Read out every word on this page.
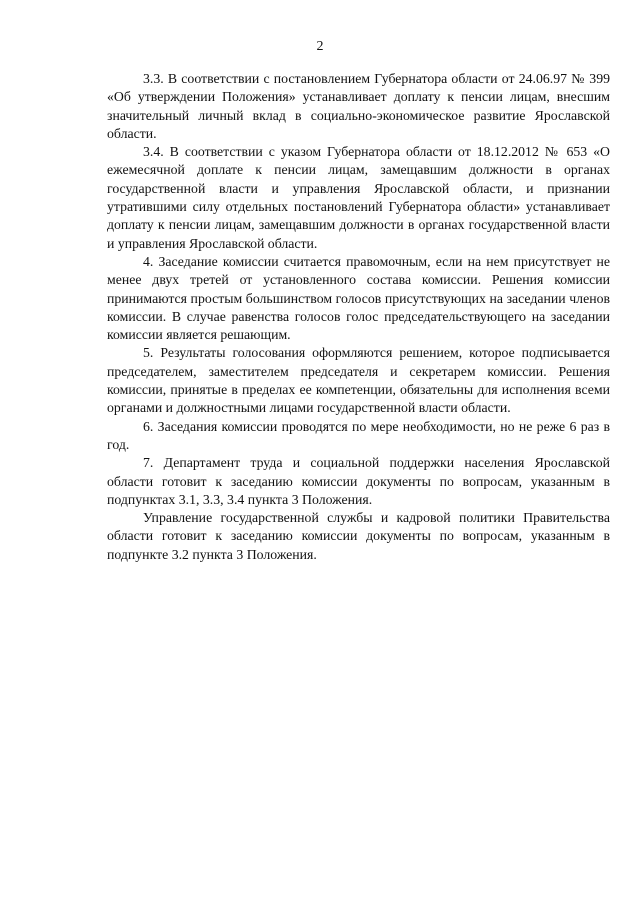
2

3.3. В соответствии с постановлением Губернатора области от 24.06.97 № 399 «Об утверждении Положения» устанавливает доплату к пенсии лицам, внесшим значительный личный вклад в социально-экономическое развитие Ярославской области.

3.4. В соответствии с указом Губернатора области от 18.12.2012 № 653 «О ежемесячной доплате к пенсии лицам, замещавшим должности в органах государственной власти и управления Ярославской области, и признании утратившими силу отдельных постановлений Губернатора области» устанавливает доплату к пенсии лицам, замещавшим должности в органах государственной власти и управления Ярославской области.

4. Заседание комиссии считается правомочным, если на нем присутствует не менее двух третей от установленного состава комиссии. Решения комиссии принимаются простым большинством голосов присутствующих на заседании членов комиссии. В случае равенства голосов голос председательствующего на заседании комиссии является решающим.

5. Результаты голосования оформляются решением, которое подписывается председателем, заместителем председателя и секретарем комиссии. Решения комиссии, принятые в пределах ее компетенции, обязательны для исполнения всеми органами и должностными лицами государственной власти области.

6. Заседания комиссии проводятся по мере необходимости, но не реже 6 раз в год.

7. Департамент труда и социальной поддержки населения Ярославской области готовит к заседанию комиссии документы по вопросам, указанным в подпунктах 3.1, 3.3, 3.4 пункта 3 Положения.

Управление государственной службы и кадровой политики Правительства области готовит к заседанию комиссии документы по вопросам, указанным в подпункте 3.2 пункта 3 Положения.
